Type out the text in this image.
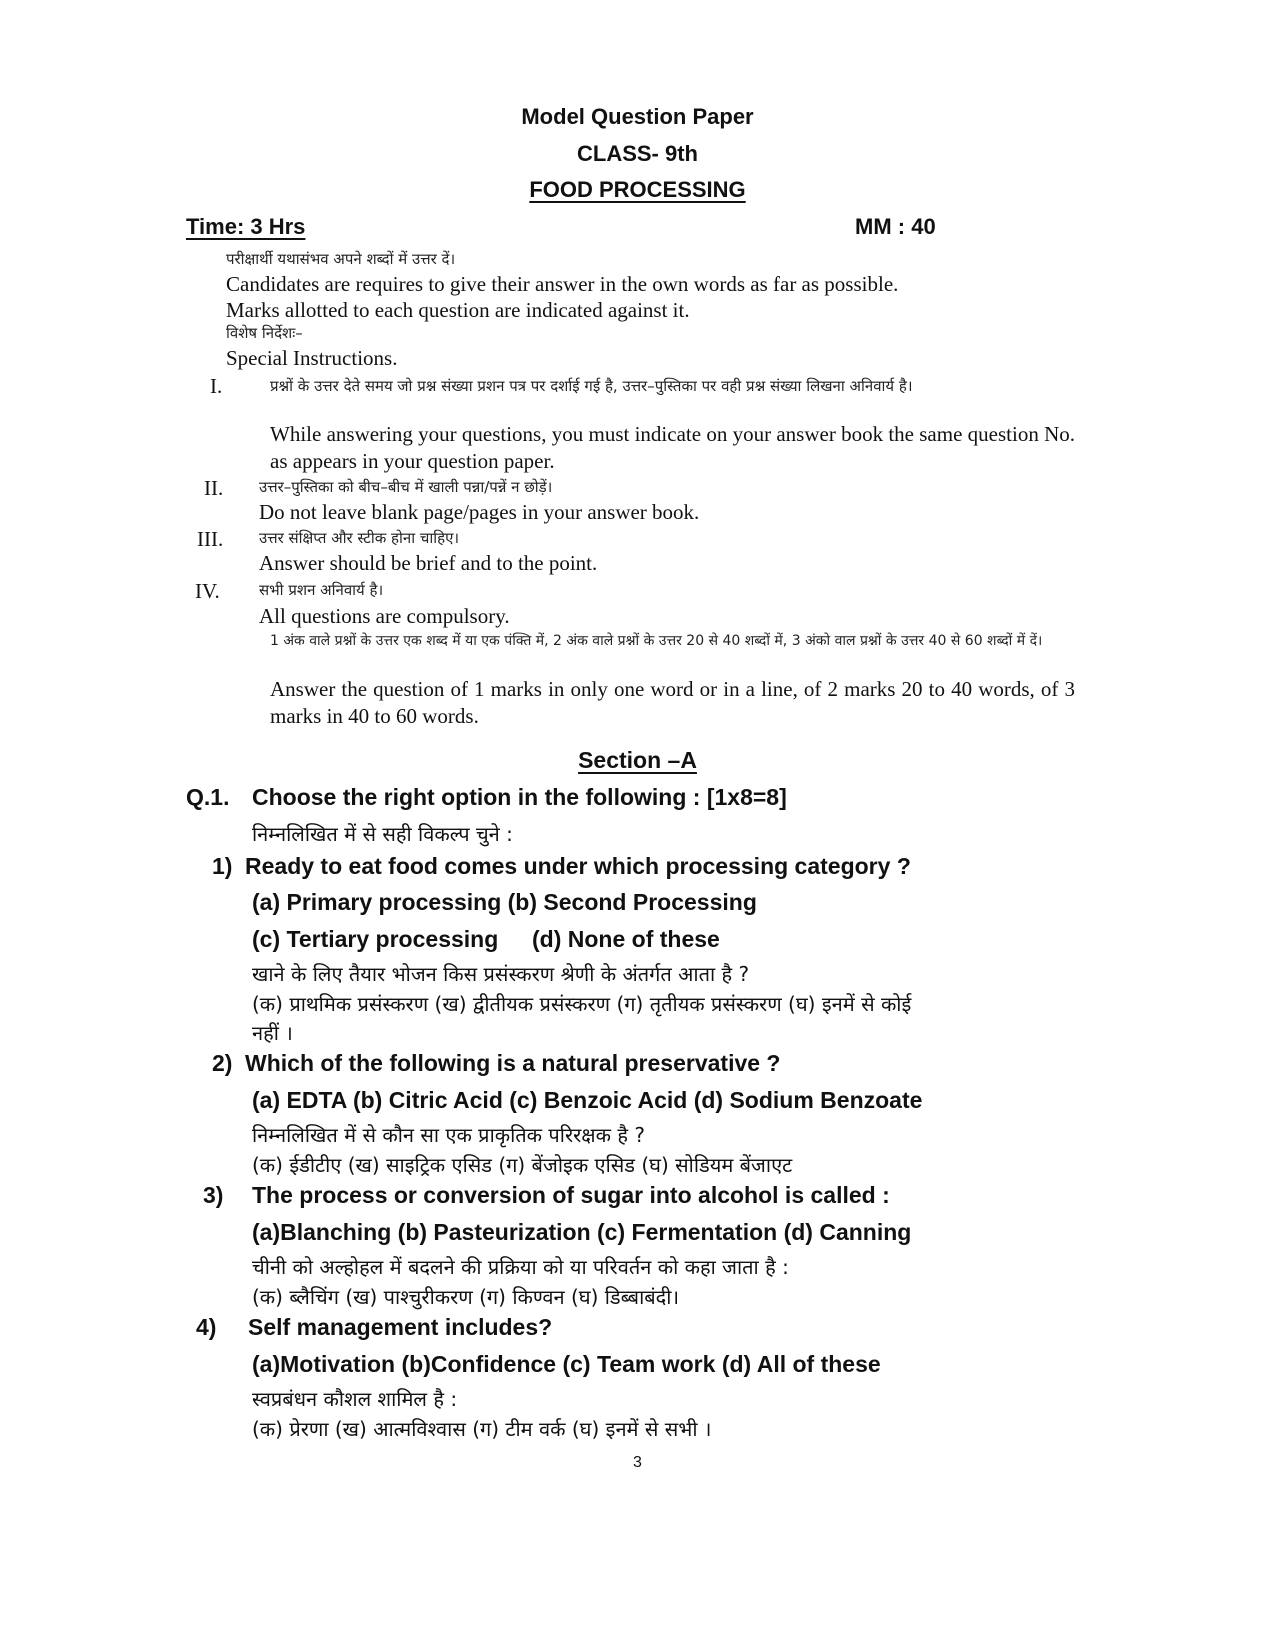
Model Question Paper
CLASS- 9th
FOOD PROCESSING
Time: 3 Hrs	MM : 40
परीक्षार्थी यथासंभव अपने शब्दों में उत्तर दें।
Candidates are requires to give their answer in the own words as far as possible.
Marks allotted to each question are indicated against it.
विशेष निर्देशः–
Special Instructions.
I.	प्रश्नों के उत्तर देते समय जो प्रश्न संख्या प्रशन पत्र पर दर्शाई गई है, उत्तर–पुस्तिका पर वही प्रश्न संख्या लिखना अनिवार्य है।
While answering your questions, you must indicate on your answer book the same question No. as appears in your question paper.
II. उत्तर–पुस्तिका को बीच–बीच में खाली पन्ना/पन्नें न छोड़ें।
Do not leave blank page/pages in your answer book.
III. उत्तर संक्षिप्त और स्टीक होना चाहिए।
Answer should be brief and to the point.
IV.	सभी प्रशन अनिवार्य है।
All questions are compulsory.
1 अंक वाले प्रश्नों के उत्तर एक शब्द में या एक पंक्ति में, 2 अंक वाले प्रश्नों के उत्तर 20 से 40 शब्दों में, 3 अंको वाल प्रश्नों के उत्तर 40 से 60 शब्दों में दें।
Answer the question of 1 marks in only one word or in a line, of 2 marks 20 to 40 words, of 3 marks in 40 to 60 words.
Section –A
Q.1. Choose the right option in the following : [1x8=8]
निम्नलिखित में से सही विकल्प चुने :
1) Ready to eat food comes under which processing category ?
(a) Primary processing (b) Second Processing
(c) Tertiary processing (d) None of these
खाने के लिए तैयार भोजन किस प्रसंस्करण श्रेणी के अंतर्गत आता है ?
(क) प्राथमिक प्रसंस्करण (ख) द्वीतीयक प्रसंस्करण (ग) तृतीयक प्रसंस्करण (घ) इनमें से कोई
नहीं ।
2) Which of the following is a natural preservative ?
(a) EDTA (b) Citric Acid (c) Benzoic Acid (d) Sodium Benzoate
निम्नलिखित में से कौन सा एक प्राकृतिक परिरक्षक है ?
(क) ईडीटीए (ख) साइट्रिक एसिड (ग) बेंजोइक एसिड (घ) सोडियम बेंजाएट
3) The process or conversion of sugar into alcohol is called :
(a)Blanching (b) Pasteurization (c) Fermentation (d) Canning
चीनी को अल्होहल में बदलने की प्रक्रिया को या परिवर्तन को कहा जाता है :
(क) ब्लैचिंग (ख) पाश्चुरीकरण (ग) किण्वन (घ) डिब्बाबंदी।
4) Self management includes?
(a)Motivation (b)Confidence (c) Team work (d) All of these
स्वप्रबंधन कौशल शामिल है :
(क) प्रेरणा (ख) आत्मविश्वास (ग) टीम वर्क (घ) इनमें से सभी ।
3
